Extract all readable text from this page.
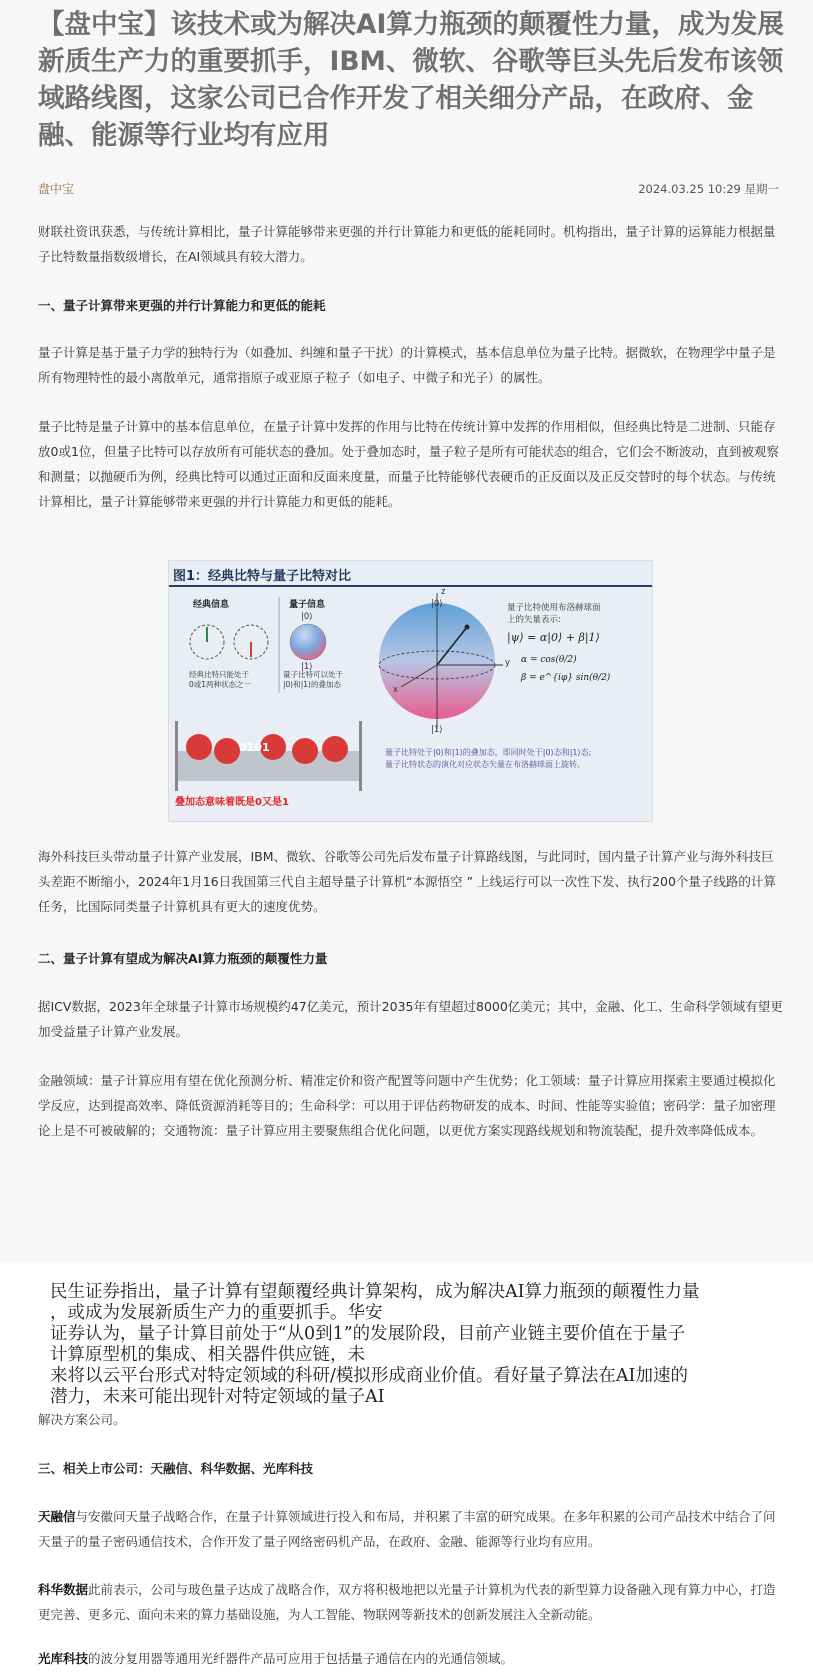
【盘中宝】该技术或为解决AI算力瓶颈的颠覆性力量，成为发展新质生产力的重要抓手，IBM、微软、谷歌等巨头先后发布该领域路线图，这家公司已合作开发了相关细分产品，在政府、金融、能源等行业均有应用
盘中宝	2024.03.25 10:29 星期一

财联社资讯获悉，与传统计算相比，量子计算能够带来更强的并行计算能力和更低的能耗同时。机构指出，量子计算的运算能力根据量子比特数量指数级增长，在AI领域具有较大潜力。

一、量子计算带来更强的并行计算能力和更低的能耗

量子计算是基于量子力学的独特行为（如叠加、纠缠和量子干扰）的计算模式，基本信息单位为量子比特。据微软，在物理学中量子是所有物理特性的最小离散单元，通常指原子或亚原子粒子（如电子、中微子和光子）的属性。

量子比特是量子计算中的基本信息单位，在量子计算中发挥的作用与比特在传统计算中发挥的作用相似，但经典比特是二进制、只能存放0或1位，但量子比特可以存放所有可能状态的叠加。处于叠加态时，量子粒子是所有可能状态的组合，它们会不断波动，直到被观察和测量；以抛硬币为例，经典比特可以通过正面和反面来度量，而量子比特能够代表硬币的正反面以及正反交替时的每个状态。与传统计算相比，量子计算能够带来更强的并行计算能力和更低的能耗。

图1：经典比特与量子比特对比
经典信息	量子信息
|0⟩
|1⟩
经典比特只能处于
0或1两种状态之一
量子比特可以处于
|0⟩和|1⟩的叠加态
z
|0⟩
|1⟩
x
y
量子比特使用布洛赫球面
上的矢量表示:
|ψ⟩ = α|0⟩ + β|1⟩
α = cos(θ/2)
β = e^{iφ} sin(θ/2)
量子比特处于|0⟩和|1⟩的叠加态，即同时处于|0⟩态和|1⟩态;
量子比特状态的演化对应状态矢量在布洛赫球面上旋转。
0101
叠加态意味着既是0又是1

海外科技巨头带动量子计算产业发展，IBM、微软、谷歌等公司先后发布量子计算路线图，与此同时，国内量子计算产业与海外科技巨头差距不断缩小，2024年1月16日我国第三代自主超导量子计算机“本源悟空 ” 上线运行可以一次性下发、执行200个量子线路的计算任务，比国际同类量子计算机具有更大的速度优势。

二、量子计算有望成为解决AI算力瓶颈的颠覆性力量

据ICV数据，2023年全球量子计算市场规模约47亿美元，预计2035年有望超过8000亿美元；其中，金融、化工、生命科学领域有望更加受益量子计算产业发展。

金融领域：量子计算应用有望在优化预测分析、精准定价和资产配置等问题中产生优势；化工领域：量子计算应用探索主要通过模拟化学反应，达到提高效率、降低资源消耗等目的；生命科学：可以用于评估药物研发的成本、时间、性能等实验值；密码学：量子加密理论上是不可被破解的；交通物流：量子计算应用主要聚焦组合优化问题，以更优方案实现路线规划和物流装配，提升效率降低成本。

民生证券指出，量子计算有望颠覆经典计算架构，成为解决AI算力瓶颈的颠覆性力量

，或成为发展新质生产力的重要抓手。华安

证券认为，量子计算目前处于“从0到1”的发展阶段，目前产业链主要价值在于量子

计算原型机的集成、相关器件供应链，未

来将以云平台形式对特定领域的科研/模拟形成商业价值。看好量子算法在AI加速的

潜力，未来可能出现针对特定领域的量子AI

解决方案公司。

三、相关上市公司：天融信、科华数据、光库科技

天融信与安徽问天量子战略合作，在量子计算领域进行投入和布局，并积累了丰富的研究成果。在多年积累的公司产品技术中结合了问天量子的量子密码通信技术，合作开发了量子网络密码机产品，在政府、金融、能源等行业均有应用。

科华数据此前表示，公司与玻色量子达成了战略合作，双方将积极地把以光量子计算机为代表的新型算力设备融入现有算力中心，打造更完善、更多元、面向未来的算力基础设施，为人工智能、物联网等新技术的创新发展注入全新动能。

光库科技的波分复用器等通用光纤器件产品可应用于包括量子通信在内的光通信领域。
